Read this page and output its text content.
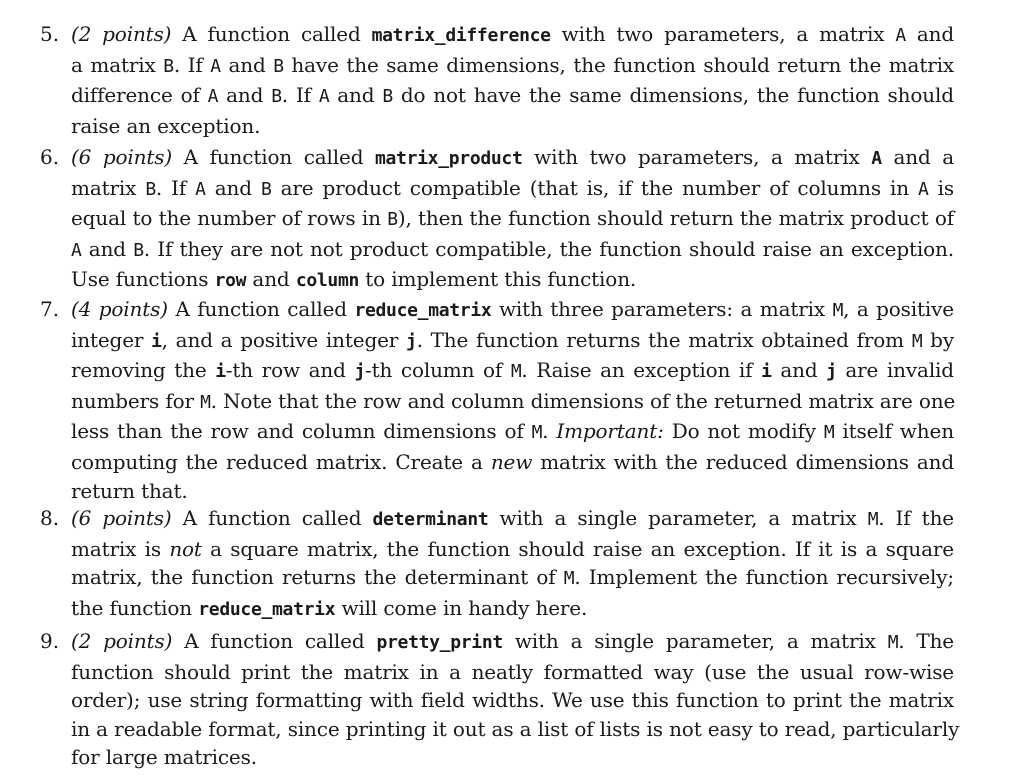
5. (2 points) A function called matrix_difference with two parameters, a matrix A and
a matrix B. If A and B have the same dimensions, the function should return the matrix
difference of A and B. If A and B do not have the same dimensions, the function should
raise an exception.
6. (6 points) A function called matrix_product with two parameters, a matrix A and a
matrix B. If A and B are product compatible (that is, if the number of columns in A is
equal to the number of rows in B), then the function should return the matrix product of
A and B. If they are not not product compatible, the function should raise an exception.
Use functions row and column to implement this function.
7. (4 points) A function called reduce_matrix with three parameters: a matrix M, a positive
integer i, and a positive integer j. The function returns the matrix obtained from M by
removing the i-th row and j-th column of M. Raise an exception if i and j are invalid
numbers for M. Note that the row and column dimensions of the returned matrix are one
less than the row and column dimensions of M. Important: Do not modify M itself when
computing the reduced matrix. Create a new matrix with the reduced dimensions and
return that.
8. (6 points) A function called determinant with a single parameter, a matrix M. If the
matrix is not a square matrix, the function should raise an exception. If it is a square
matrix, the function returns the determinant of M. Implement the function recursively;
the function reduce_matrix will come in handy here.
9. (2 points) A function called pretty_print with a single parameter, a matrix M. The
function should print the matrix in a neatly formatted way (use the usual row-wise
order); use string formatting with field widths. We use this function to print the matrix
in a readable format, since printing it out as a list of lists is not easy to read, particularly
for large matrices.
